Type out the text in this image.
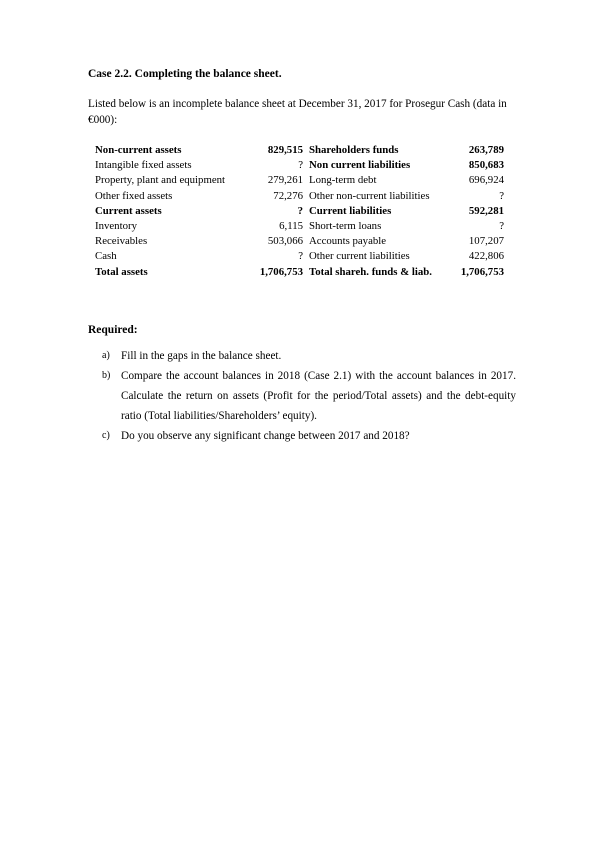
Case 2.2. Completing the balance sheet.
Listed below is an incomplete balance sheet at December 31, 2017 for Prosegur Cash (data in €000):
Non-current assets	829,515	Shareholders funds	263,789
Intangible fixed assets	?	Non current liabilities	850,683
Property, plant and equipment	279,261	Long-term debt	696,924
Other fixed assets	72,276	Other non-current liabilities	?
Current assets	?	Current liabilities	592,281
Inventory	6,115	Short-term loans	?
Receivables	503,066	Accounts payable	107,207
Cash	?	Other current liabilities	422,806
Total assets	1,706,753	Total shareh. funds & liab.	1,706,753
Required:
a) Fill in the gaps in the balance sheet.
b) Compare the account balances in 2018 (Case 2.1) with the account balances in 2017. Calculate the return on assets (Profit for the period/Total assets) and the debt-equity ratio (Total liabilities/Shareholders’ equity).
c) Do you observe any significant change between 2017 and 2018?
